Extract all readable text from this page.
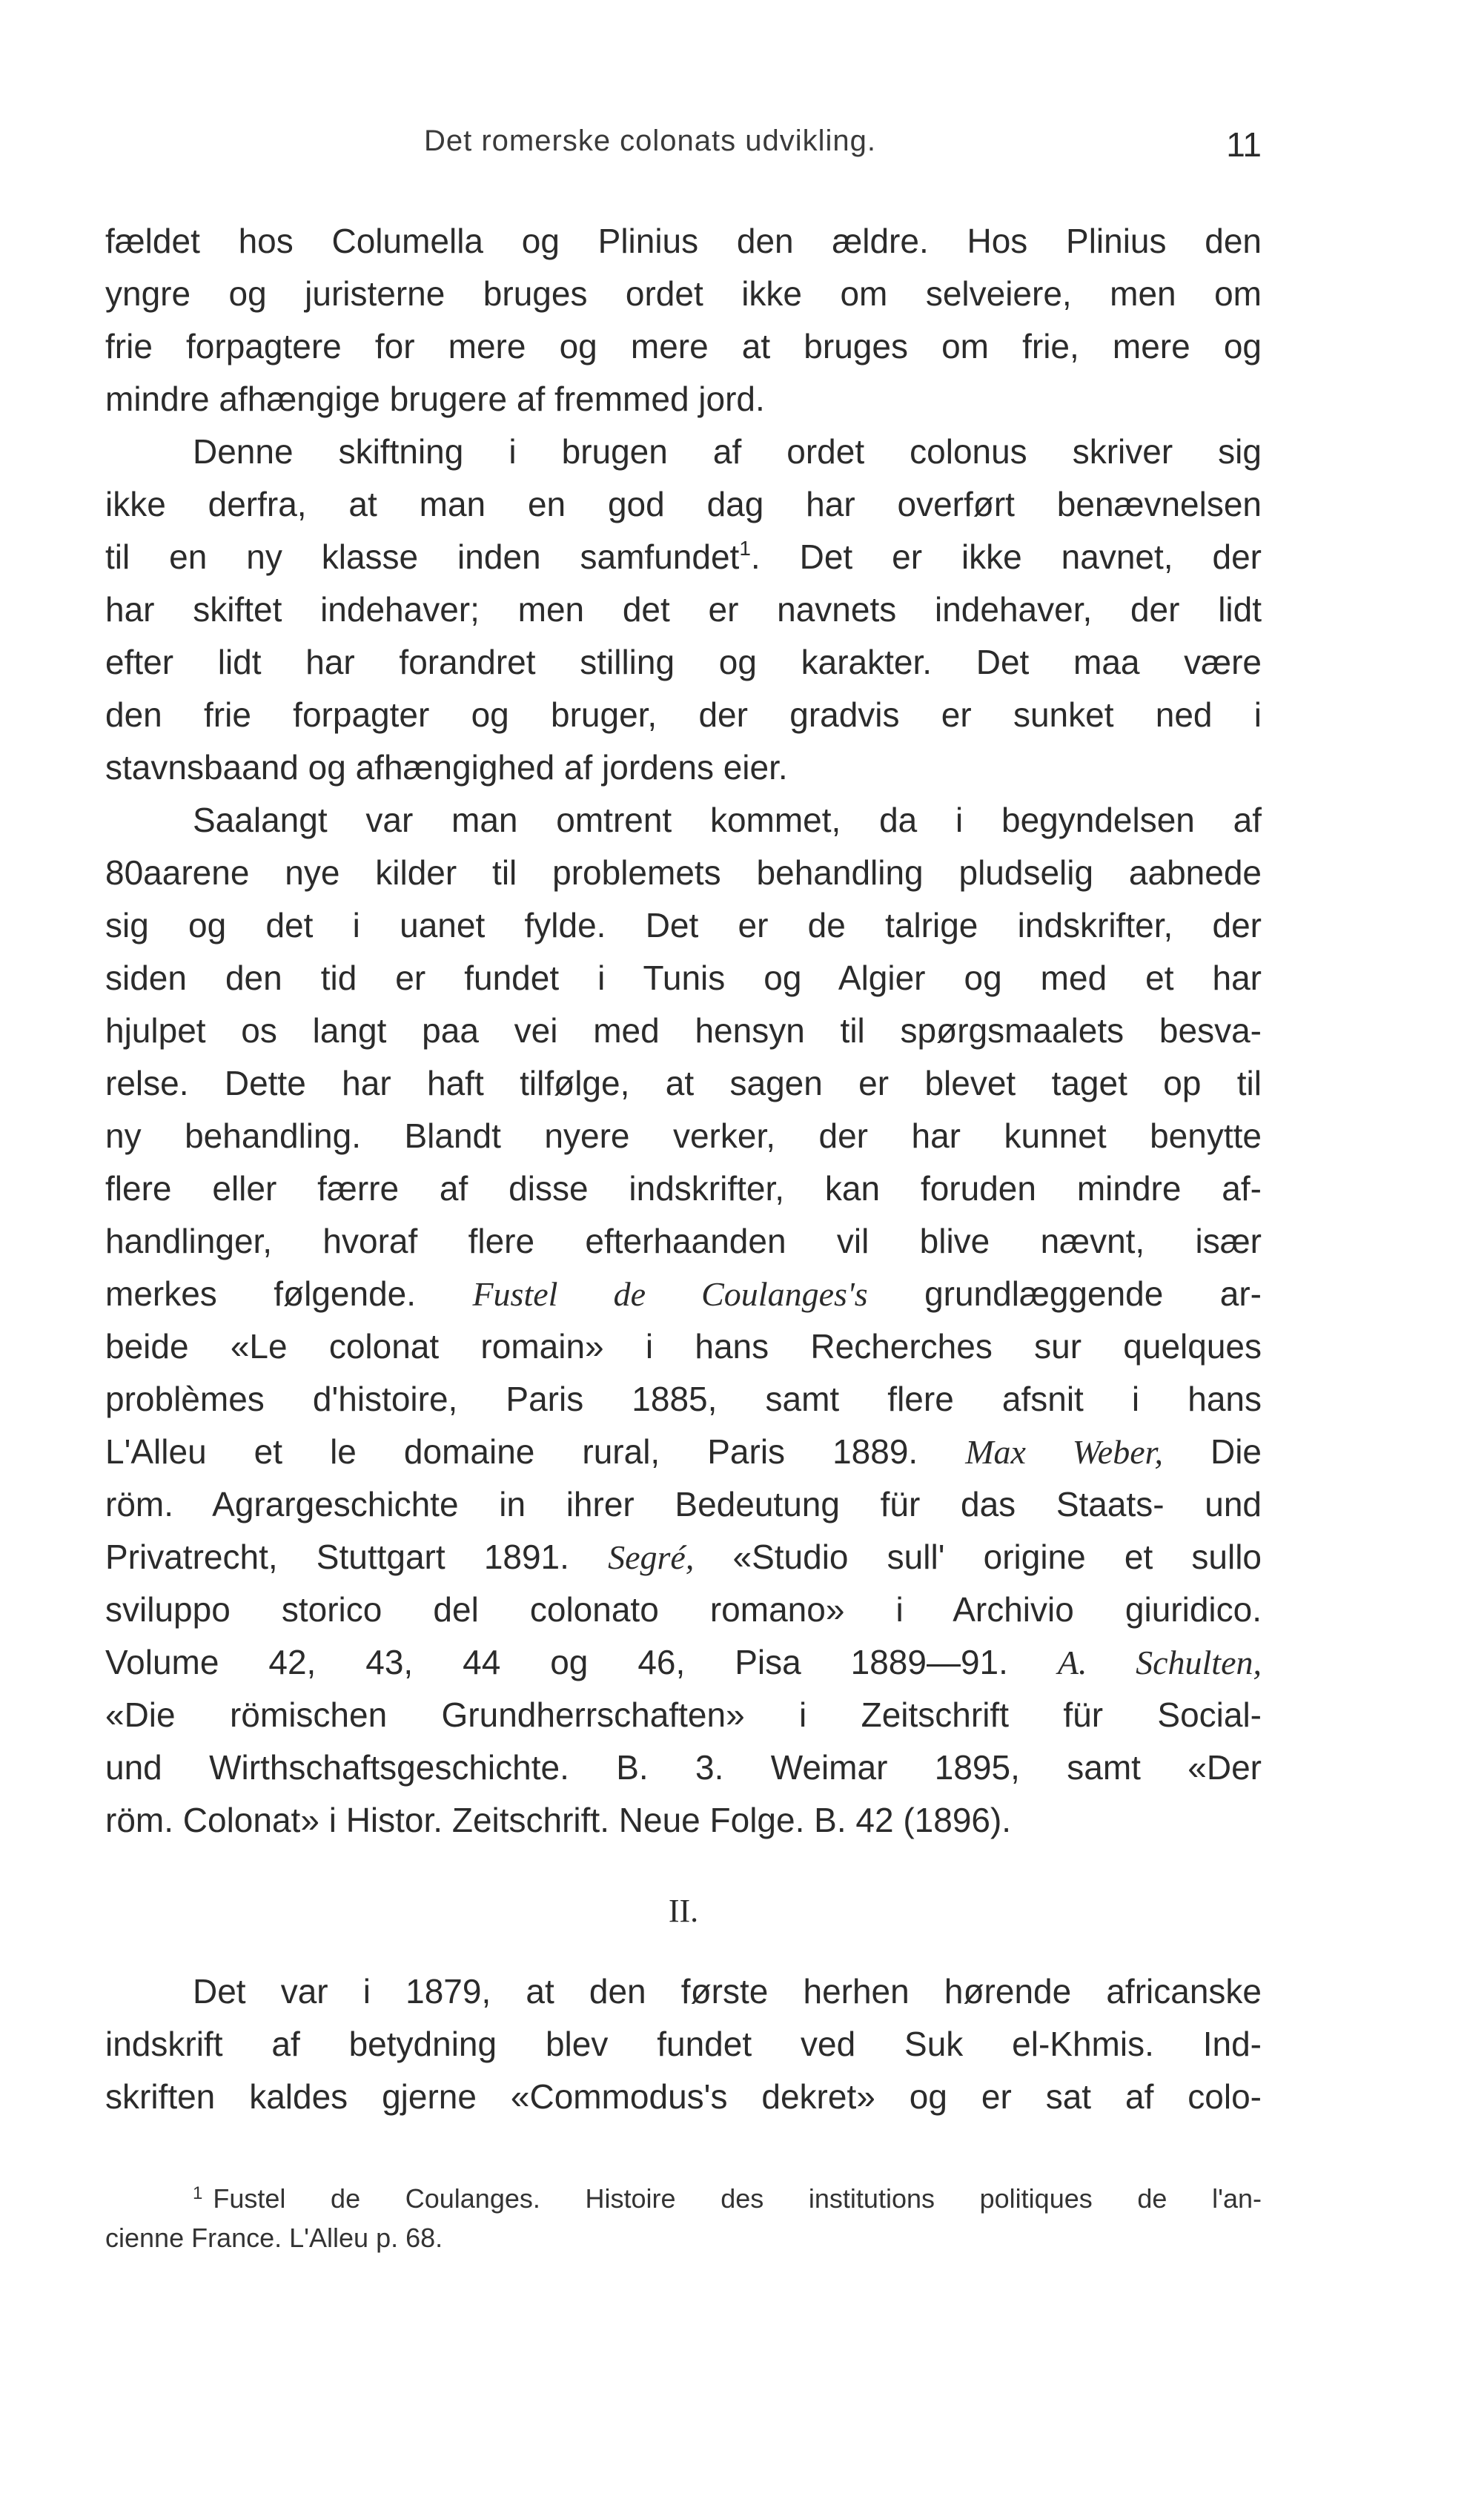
Det romerske colonats udvikling.	11
fældet hos Columella og Plinius den ældre. Hos Plinius den
yngre og juristerne bruges ordet ikke om selveiere, men om
frie forpagtere for mere og mere at bruges om frie, mere og
mindre afhængige brugere af fremmed jord.
Denne skiftning i brugen af ordet colonus skriver sig
ikke derfra, at man en god dag har overført benævnelsen
til en ny klasse inden samfundet$^1$. Det er ikke navnet, der
har skiftet indehaver; men det er navnets indehaver, der lidt
efter lidt har forandret stilling og karakter. Det maa være
den frie forpagter og bruger, der gradvis er sunket ned i
stavnsbaand og afhængighed af jordens eier.
Saalangt var man omtrent kommet, da i begyndelsen af
80aarene nye kilder til problemets behandling pludselig aabnede
sig og det i uanet fylde. Det er de talrige indskrifter, der
siden den tid er fundet i Tunis og Algier og med et har
hjulpet os langt paa vei med hensyn til spørgsmaalets besva-
relse. Dette har haft tilfølge, at sagen er blevet taget op til
ny behandling. Blandt nyere verker, der har kunnet benytte
flere eller færre af disse indskrifter, kan foruden mindre af-
handlinger, hvoraf flere efterhaanden vil blive nævnt, især
merkes følgende. Fustel de Coulanges's grundlæggende ar-
beide «Le colonat romain» i hans Recherches sur quelques
problèmes d'histoire, Paris 1885, samt flere afsnit i hans
L'Alleu et le domaine rural, Paris 1889. Max Weber, Die
röm. Agrargeschichte in ihrer Bedeutung für das Staats- und
Privatrecht, Stuttgart 1891. Segré, «Studio sull' origine et sullo
sviluppo storico del colonato romano» i Archivio giuridico.
Volume 42, 43, 44 og 46, Pisa 1889—91. A. Schulten,
«Die römischen Grundherrschaften» i Zeitschrift für Social-
und Wirthschaftsgeschichte. B. 3. Weimar 1895, samt «Der
röm. Colonat» i Histor. Zeitschrift. Neue Folge. B. 42 (1896).
II.
Det var i 1879, at den første herhen hørende africanske
indskrift af betydning blev fundet ved Suk el-Khmis. Ind-
skriften kaldes gjerne «Commodus's dekret» og er sat af colo-
$^1$ Fustel de Coulanges. Histoire des institutions politiques de l'an-
cienne France. L'Alleu p. 68.
